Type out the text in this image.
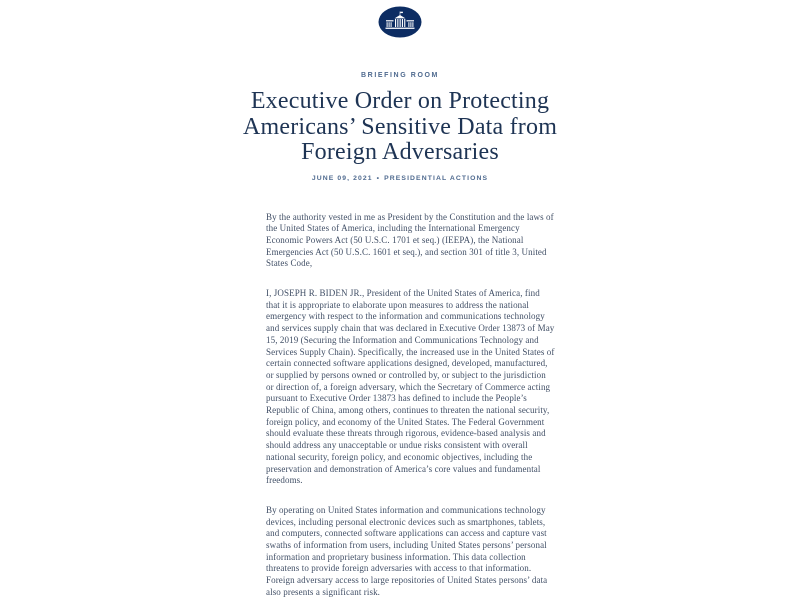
BRIEFING ROOM
Executive Order on Protecting
Americans’ Sensitive Data from
Foreign Adversaries
JUNE 09, 2021 • PRESIDENTIAL ACTIONS

By the authority vested in me as President by the Constitution and the laws of the United States of America, including the International Emergency Economic Powers Act (50 U.S.C. 1701 et seq.) (IEEPA), the National Emergencies Act (50 U.S.C. 1601 et seq.), and section 301 of title 3, United States Code,

I, JOSEPH R. BIDEN JR., President of the United States of America, find that it is appropriate to elaborate upon measures to address the national emergency with respect to the information and communications technology and services supply chain that was declared in Executive Order 13873 of May 15, 2019 (Securing the Information and Communications Technology and Services Supply Chain). Specifically, the increased use in the United States of certain connected software applications designed, developed, manufactured, or supplied by persons owned or controlled by, or subject to the jurisdiction or direction of, a foreign adversary, which the Secretary of Commerce acting pursuant to Executive Order 13873 has defined to include the People’s Republic of China, among others, continues to threaten the national security, foreign policy, and economy of the United States. The Federal Government should evaluate these threats through rigorous, evidence-based analysis and should address any unacceptable or undue risks consistent with overall national security, foreign policy, and economic objectives, including the preservation and demonstration of America’s core values and fundamental freedoms.

By operating on United States information and communications technology devices, including personal electronic devices such as smartphones, tablets, and computers, connected software applications can access and capture vast swaths of information from users, including United States persons’ personal information and proprietary business information. This data collection threatens to provide foreign adversaries with access to that information. Foreign adversary access to large repositories of United States persons’ data also presents a significant risk.
